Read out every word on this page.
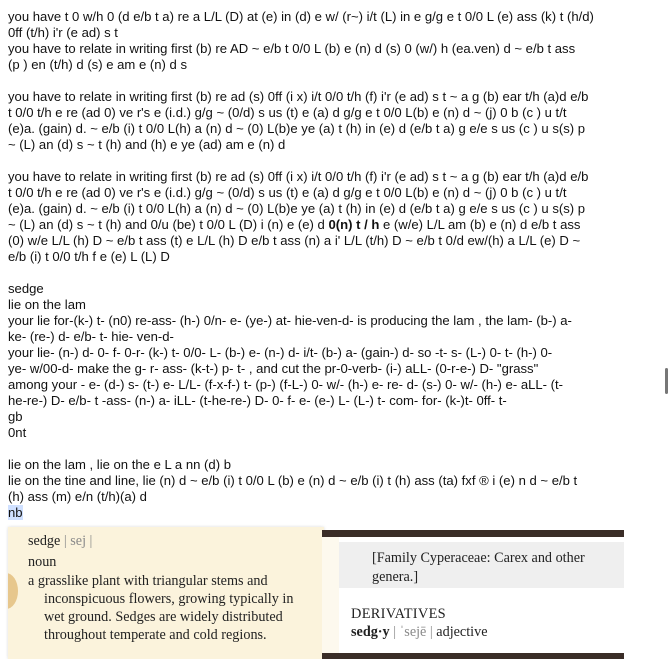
you have t 0 w/h 0 (d e/b t a) re a L/L (D) at (e) in (d) e w/ (r~) i/t (L) in e g/g e t 0/0 L (e) ass (k) t (h/d)
0ff (t/h) i'r (e ad) s t
you have to relate in writing first (b) re AD ~ e/b t 0/0 L (b) e (n) d (s) 0 (w/) h (ea.ven) d ~ e/b t ass
(p ) en (t/h) d (s) e am e (n) d s
you have to relate in writing first (b) re ad (s) 0ff (i x) i/t 0/0 t/h (f) i'r (e ad) s t ~ a g (b) ear t/h (a)d e/b
t 0/0 t/h e re (ad 0) ve r's e (i.d.) g/g ~ (0/d) s us (t) e (a) d g/g e t 0/0 L(b) e (n) d ~ (j) 0 b (c ) u t/t
(e)a. (gain) d. ~ e/b (i) t 0/0 L(h) a (n) d ~ (0) L(b)e ye (a) t (h) in (e) d (e/b t a) g e/e s us (c ) u s(s) p
~ (L) an (d) s ~ t (h) and (h) e ye (ad) am e (n) d
you have to relate in writing first (b) re ad (s) 0ff (i x) i/t 0/0 t/h (f) i'r (e ad) s t ~ a g (b) ear t/h (a)d e/b
t 0/0 t/h e re (ad 0) ve r's e (i.d.) g/g ~ (0/d) s us (t) e (a) d g/g e t 0/0 L(b) e (n) d ~ (j) 0 b (c ) u t/t
(e)a. (gain) d. ~ e/b (i) t 0/0 L(h) a (n) d ~ (0) L(b)e ye (a) t (h) in (e) d (e/b t a) g e/e s us (c ) u s(s) p
~ (L) an (d) s ~ t (h) and 0/u (be) t 0/0 L (D) i (n) e (e) d 0(n) t / h e (w/e) L/L am (b) e (n) d e/b t ass
(0) w/e L/L (h) D ~ e/b t ass (t) e L/L (h) D e/b t ass (n) a i' L/L (t/h) D ~ e/b t 0/d ew/(h) a L/L (e) D ~
e/b (i) t 0/0 t/h f e (e) L (L) D
sedge
lie on the lam
your lie for-(k-) t- (n0) re-ass- (h-) 0/n- e- (ye-) at- hie-ven-d- is producing the lam , the lam- (b-) a-
ke- (re-) d- e/b- t- hie- ven-d-
your lie- (n-) d- 0- f- 0-r- (k-) t- 0/0- L- (b-) e- (n-) d- i/t- (b-) a- (gain-) d- so -t- s- (L-) 0- t- (h-) 0-
ye- w/00-d- make the g- r- ass- (k-t-) p- t- , and cut the pr-0-verb- (i-) aLL- (0-r-e-) D- "grass"
among your - e- (d-) s- (t-) e- L/L- (f-x-f-) t- (p-) (f-L-) 0- w/- (h-) e- re- d- (s-) 0- w/- (h-) e- aLL- (t-
he-re-) D- e/b- t -ass- (n-) a- iLL- (t-he-re-) D- 0- f- e- (e-) L- (L-) t- com- for- (k-)t- 0ff- t-
gb
0nt
lie on the lam , lie on the e L a nn (d) b
lie on the tine and line, lie (n) d ~ e/b (i) t 0/0 L (b) e (n) d ~ e/b (i) t (h) ass (ta) fxf ® i (e) n d ~ e/b t
(h) ass (m) e/n (t/h)(a) d
nb
sedge | sej |
noun
a grasslike plant with triangular stems and
inconspicuous flowers, growing typically in
wet ground. Sedges are widely distributed
throughout temperate and cold regions.
[Family Cyperaceae: Carex and other genera.]
DERIVATIVES
sedg·y | ˈsejē | adjective
